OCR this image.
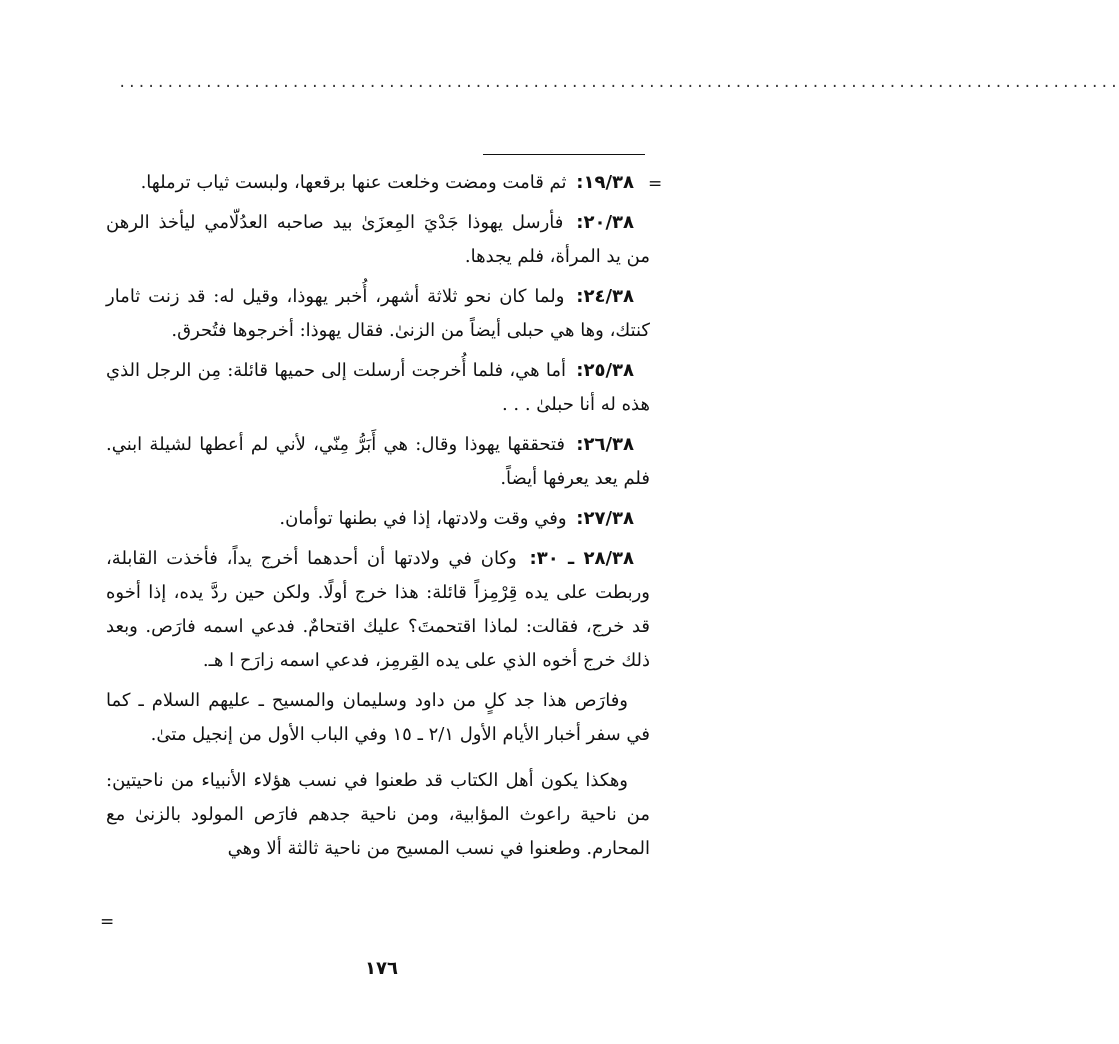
........................................................................................................
=

١٩/٣٨: ثم قامت ومضت وخلعت عنها برقعها، ولبست ثياب ترملها.

٢٠/٣٨: فأرسل يهوذا جَدْيَ المِعزَىٰ بيد صاحبه العدُلّامي ليأخذ الرهن من يد المرأة، فلم يجدها.

٢٤/٣٨: ولما كان نحو ثلاثة أشهر، أُخبر يهوذا، وقيل له: قد زنت ثامار كنتك، وها هي حبلى أيضاً من الزنىٰ. فقال يهوذا: أخرجوها فتُحرق.

٢٥/٣٨: أما هي، فلما أُخرجت أرسلت إلى حميها قائلة: مِن الرجل الذي هذه له أنا حبلىٰ . . .

٢٦/٣٨: فتحققها يهوذا وقال: هي أَبَرُّ مِنّي، لأني لم أعطها لشيلة ابني. فلم يعد يعرفها أيضاً.

٢٧/٣٨: وفي وقت ولادتها، إذا في بطنها توأمان.

٢٨/٣٨ ـ ٣٠: وكان في ولادتها أن أحدهما أخرج يداً، فأخذت القابلة، وربطت على يده قِرْمِزاً قائلة: هذا خرج أولًا. ولكن حين ردَّ يده، إذا أخوه قد خرج، فقالت: لماذا اقتحمتَ؟ عليك اقتحامٌ. فدعي اسمه فارَص. وبعد ذلك خرج أخوه الذي على يده القِرمِز، فدعي اسمه زارَح ا هـ.

وفارَص هذا جد كلٍ من داود وسليمان والمسيح ـ عليهم السلام ـ كما في سفر أخبار الأيام الأول ٢/١ ـ ١٥ وفي الباب الأول من إنجيل متىٰ.

وهكذا يكون أهل الكتاب قد طعنوا في نسب هؤلاء الأنبياء من ناحيتين: من ناحية راعوث المؤابية، ومن ناحية جدهم فارَص المولود بالزنىٰ مع المحارم. وطعنوا في نسب المسيح من ناحية ثالثة ألا وهي

=
١٧٦
